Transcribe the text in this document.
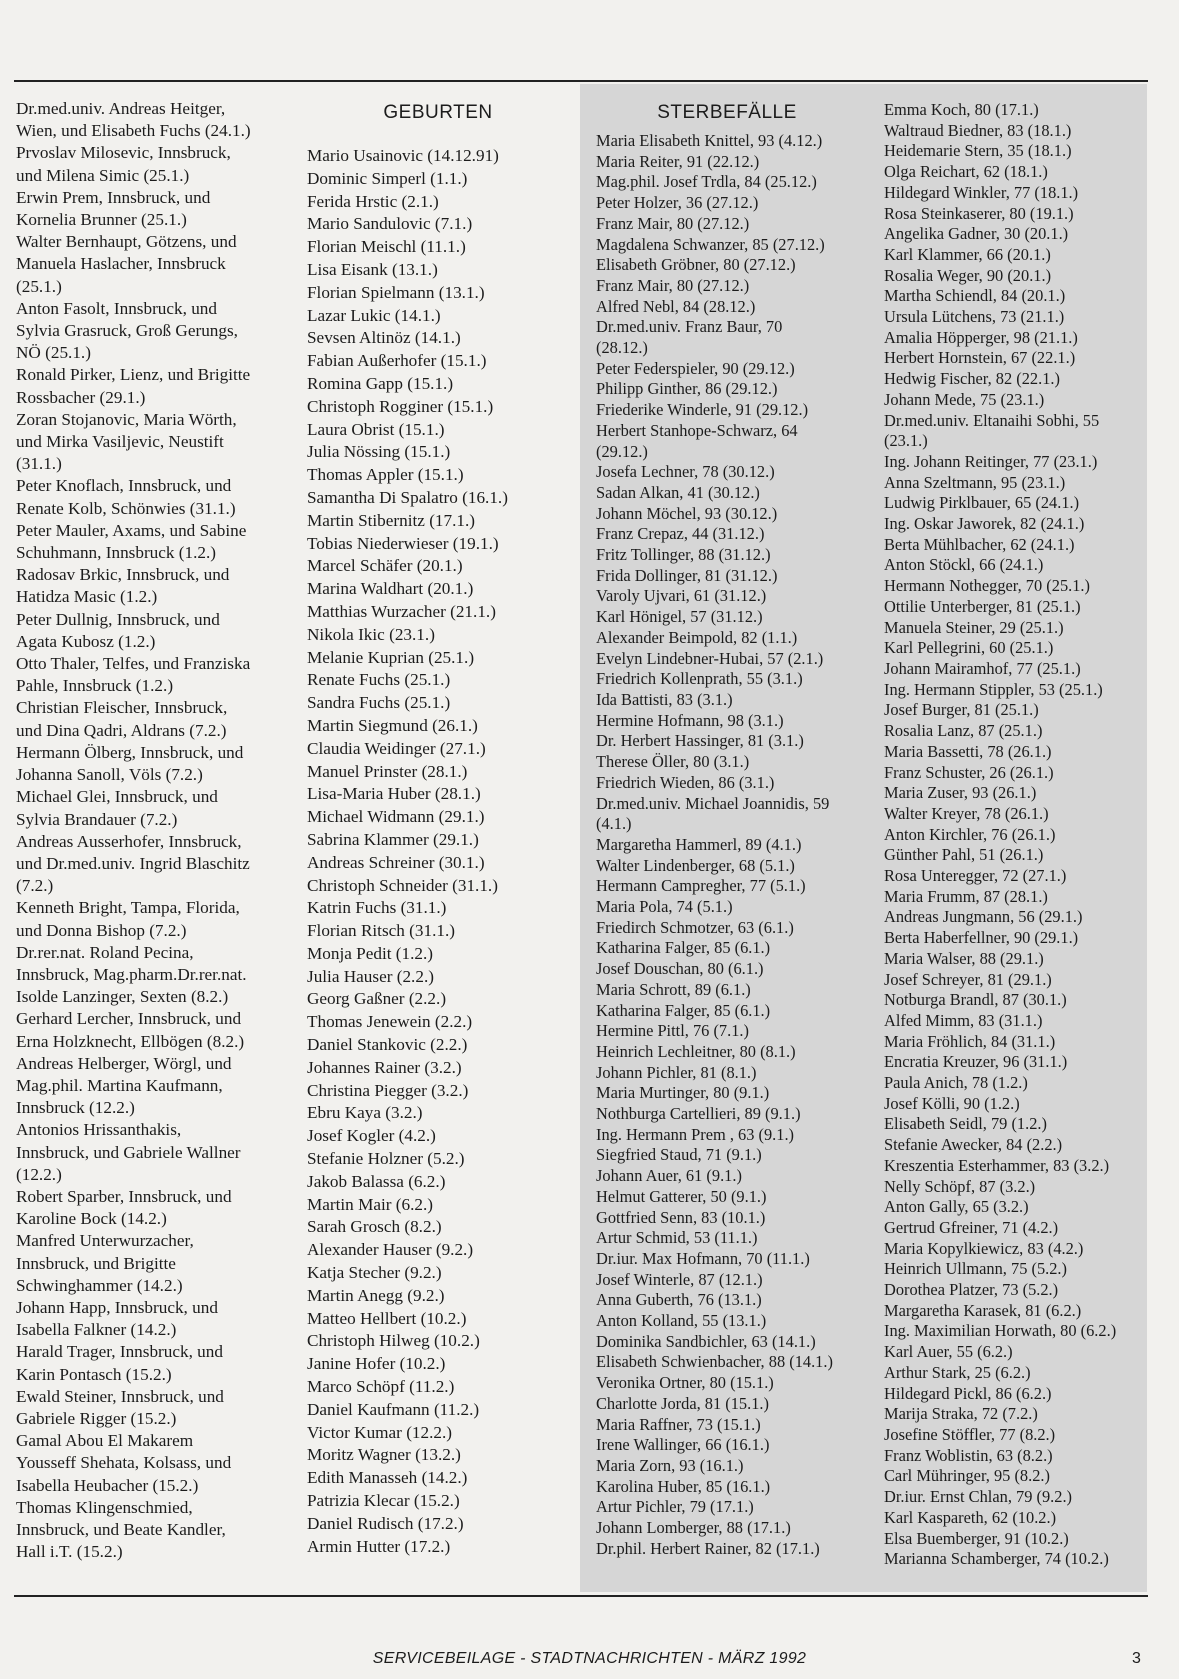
Dr.med.univ. Andreas Heitger,
Wien, und Elisabeth Fuchs (24.1.)
Prvoslav Milosevic, Innsbruck,
und Milena Simic (25.1.)
Erwin Prem, Innsbruck, und
Kornelia Brunner (25.1.)
Walter Bernhaupt, Götzens, und
Manuela Haslacher, Innsbruck
(25.1.)
Anton Fasolt, Innsbruck, und
Sylvia Grasruck, Groß Gerungs,
NÖ (25.1.)
Ronald Pirker, Lienz, und Brigitte
Rossbacher (29.1.)
Zoran Stojanovic, Maria Wörth,
und Mirka Vasiljevic, Neustift
(31.1.)
Peter Knoflach, Innsbruck, und
Renate Kolb, Schönwies (31.1.)
Peter Mauler, Axams, und Sabine
Schuhmann, Innsbruck (1.2.)
Radosav Brkic, Innsbruck, und
Hatidza Masic (1.2.)
Peter Dullnig, Innsbruck, und
Agata Kubosz (1.2.)
Otto Thaler, Telfes, und Franziska
Pahle, Innsbruck (1.2.)
Christian Fleischer, Innsbruck,
und Dina Qadri, Aldrans (7.2.)
Hermann Ölberg, Innsbruck, und
Johanna Sanoll, Völs (7.2.)
Michael Glei, Innsbruck, und
Sylvia Brandauer (7.2.)
Andreas Ausserhofer, Innsbruck,
und Dr.med.univ. Ingrid Blaschitz
(7.2.)
Kenneth Bright, Tampa, Florida,
und Donna Bishop (7.2.)
Dr.rer.nat. Roland Pecina,
Innsbruck, Mag.pharm.Dr.rer.nat.
Isolde Lanzinger, Sexten (8.2.)
Gerhard Lercher, Innsbruck, und
Erna Holzknecht, Ellbögen (8.2.)
Andreas Helberger, Wörgl, und
Mag.phil. Martina Kaufmann,
Innsbruck (12.2.)
Antonios Hrissanthakis,
Innsbruck, und Gabriele Wallner
(12.2.)
Robert Sparber, Innsbruck, und
Karoline Bock (14.2.)
Manfred Unterwurzacher,
Innsbruck, und Brigitte
Schwinghammer (14.2.)
Johann Happ, Innsbruck, und
Isabella Falkner (14.2.)
Harald Trager, Innsbruck, und
Karin Pontasch (15.2.)
Ewald Steiner, Innsbruck, und
Gabriele Rigger (15.2.)
Gamal Abou El Makarem
Yousseff Shehata, Kolsass, und
Isabella Heubacher (15.2.)
Thomas Klingenschmied,
Innsbruck, und Beate Kandler,
Hall i.T. (15.2.)
GEBURTEN
Mario Usainovic (14.12.91)
Dominic Simperl (1.1.)
Ferida Hrstic (2.1.)
Mario Sandulovic (7.1.)
Florian Meischl (11.1.)
Lisa Eisank (13.1.)
Florian Spielmann (13.1.)
Lazar Lukic (14.1.)
Sevsen Altinöz (14.1.)
Fabian Außerhofer (15.1.)
Romina Gapp (15.1.)
Christoph Rogginer (15.1.)
Laura Obrist (15.1.)
Julia Nössing (15.1.)
Thomas Appler (15.1.)
Samantha Di Spalatro (16.1.)
Martin Stibernitz (17.1.)
Tobias Niederwieser (19.1.)
Marcel Schäfer (20.1.)
Marina Waldhart (20.1.)
Matthias Wurzacher (21.1.)
Nikola Ikic (23.1.)
Melanie Kuprian (25.1.)
Renate Fuchs (25.1.)
Sandra Fuchs (25.1.)
Martin Siegmund (26.1.)
Claudia Weidinger (27.1.)
Manuel Prinster (28.1.)
Lisa-Maria Huber (28.1.)
Michael Widmann (29.1.)
Sabrina Klammer (29.1.)
Andreas Schreiner (30.1.)
Christoph Schneider (31.1.)
Katrin Fuchs (31.1.)
Florian Ritsch (31.1.)
Monja Pedit (1.2.)
Julia Hauser (2.2.)
Georg Gaßner (2.2.)
Thomas Jenewein (2.2.)
Daniel Stankovic (2.2.)
Johannes Rainer (3.2.)
Christina Piegger (3.2.)
Ebru Kaya (3.2.)
Josef Kogler (4.2.)
Stefanie Holzner (5.2.)
Jakob Balassa (6.2.)
Martin Mair (6.2.)
Sarah Grosch (8.2.)
Alexander Hauser (9.2.)
Katja Stecher (9.2.)
Martin Anegg (9.2.)
Matteo Hellbert (10.2.)
Christoph Hilweg (10.2.)
Janine Hofer (10.2.)
Marco Schöpf (11.2.)
Daniel Kaufmann (11.2.)
Victor Kumar (12.2.)
Moritz Wagner (13.2.)
Edith Manasseh (14.2.)
Patrizia Klecar (15.2.)
Daniel Rudisch (17.2.)
Armin Hutter (17.2.)
STERBEFÄLLE
Maria Elisabeth Knittel, 93 (4.12.)
Maria Reiter, 91 (22.12.)
Mag.phil. Josef Trdla, 84 (25.12.)
Peter Holzer, 36 (27.12.)
Franz Mair, 80 (27.12.)
Magdalena Schwanzer, 85 (27.12.)
Elisabeth Gröbner, 80 (27.12.)
Franz Mair, 80 (27.12.)
Alfred Nebl, 84 (28.12.)
Dr.med.univ. Franz Baur, 70
(28.12.)
Peter Federspieler, 90 (29.12.)
Philipp Ginther, 86 (29.12.)
Friederike Winderle, 91 (29.12.)
Herbert Stanhope-Schwarz, 64
(29.12.)
Josefa Lechner, 78 (30.12.)
Sadan Alkan, 41 (30.12.)
Johann Möchel, 93 (30.12.)
Franz Crepaz, 44 (31.12.)
Fritz Tollinger, 88 (31.12.)
Frida Dollinger, 81 (31.12.)
Varoly Ujvari, 61 (31.12.)
Karl Hönigel, 57 (31.12.)
Alexander Beimpold, 82 (1.1.)
Evelyn Lindebner-Hubai, 57 (2.1.)
Friedrich Kollenprath, 55 (3.1.)
Ida Battisti, 83 (3.1.)
Hermine Hofmann, 98 (3.1.)
Dr. Herbert Hassinger, 81 (3.1.)
Therese Öller, 80 (3.1.)
Friedrich Wieden, 86 (3.1.)
Dr.med.univ. Michael Joannidis, 59
(4.1.)
Margaretha Hammerl, 89 (4.1.)
Walter Lindenberger, 68 (5.1.)
Hermann Campregher, 77 (5.1.)
Maria Pola, 74 (5.1.)
Friedirch Schmotzer, 63 (6.1.)
Katharina Falger, 85 (6.1.)
Josef Douschan, 80 (6.1.)
Maria Schrott, 89 (6.1.)
Katharina Falger, 85 (6.1.)
Hermine Pittl, 76 (7.1.)
Heinrich Lechleitner, 80 (8.1.)
Johann Pichler, 81 (8.1.)
Maria Murtinger, 80 (9.1.)
Nothburga Cartellieri, 89 (9.1.)
Ing. Hermann Prem , 63 (9.1.)
Siegfried Staud, 71 (9.1.)
Johann Auer, 61 (9.1.)
Helmut Gatterer, 50 (9.1.)
Gottfried Senn, 83 (10.1.)
Artur Schmid, 53 (11.1.)
Dr.iur. Max Hofmann, 70 (11.1.)
Josef Winterle, 87 (12.1.)
Anna Guberth, 76 (13.1.)
Anton Kolland, 55 (13.1.)
Dominika Sandbichler, 63 (14.1.)
Elisabeth Schwienbacher, 88 (14.1.)
Veronika Ortner, 80 (15.1.)
Charlotte Jorda, 81 (15.1.)
Maria Raffner, 73 (15.1.)
Irene Wallinger, 66 (16.1.)
Maria Zorn, 93 (16.1.)
Karolina Huber, 85 (16.1.)
Artur Pichler, 79 (17.1.)
Johann Lomberger, 88 (17.1.)
Dr.phil. Herbert Rainer, 82 (17.1.)
Emma Koch, 80 (17.1.)
Waltraud Biedner, 83 (18.1.)
Heidemarie Stern, 35 (18.1.)
Olga Reichart, 62 (18.1.)
Hildegard Winkler, 77 (18.1.)
Rosa Steinkaserer, 80 (19.1.)
Angelika Gadner, 30 (20.1.)
Karl Klammer, 66 (20.1.)
Rosalia Weger, 90 (20.1.)
Martha Schiendl, 84 (20.1.)
Ursula Lütchens, 73 (21.1.)
Amalia Höpperger, 98 (21.1.)
Herbert Hornstein, 67 (22.1.)
Hedwig Fischer, 82 (22.1.)
Johann Mede, 75 (23.1.)
Dr.med.univ. Eltanaihi Sobhi, 55
(23.1.)
Ing. Johann Reitinger, 77 (23.1.)
Anna Szeltmann, 95 (23.1.)
Ludwig Pirklbauer, 65 (24.1.)
Ing. Oskar Jaworek, 82 (24.1.)
Berta Mühlbacher, 62 (24.1.)
Anton Stöckl, 66 (24.1.)
Hermann Nothegger, 70 (25.1.)
Ottilie Unterberger, 81 (25.1.)
Manuela Steiner, 29 (25.1.)
Karl Pellegrini, 60 (25.1.)
Johann Mairamhof, 77 (25.1.)
Ing. Hermann Stippler, 53 (25.1.)
Josef Burger, 81 (25.1.)
Rosalia Lanz, 87 (25.1.)
Maria Bassetti, 78 (26.1.)
Franz Schuster, 26 (26.1.)
Maria Zuser, 93 (26.1.)
Walter Kreyer, 78 (26.1.)
Anton Kirchler, 76 (26.1.)
Günther Pahl, 51 (26.1.)
Rosa Unteregger, 72 (27.1.)
Maria Frumm, 87 (28.1.)
Andreas Jungmann, 56 (29.1.)
Berta Haberfellner, 90 (29.1.)
Maria Walser, 88 (29.1.)
Josef Schreyer, 81 (29.1.)
Notburga Brandl, 87 (30.1.)
Alfed Mimm, 83 (31.1.)
Maria Fröhlich, 84 (31.1.)
Encratia Kreuzer, 96 (31.1.)
Paula Anich, 78 (1.2.)
Josef Kölli, 90 (1.2.)
Elisabeth Seidl, 79 (1.2.)
Stefanie Awecker, 84 (2.2.)
Kreszentia Esterhammer, 83 (3.2.)
Nelly Schöpf, 87 (3.2.)
Anton Gally, 65 (3.2.)
Gertrud Gfreiner, 71 (4.2.)
Maria Kopylkiewicz, 83 (4.2.)
Heinrich Ullmann, 75 (5.2.)
Dorothea Platzer, 73 (5.2.)
Margaretha Karasek, 81 (6.2.)
Ing. Maximilian Horwath, 80 (6.2.)
Karl Auer, 55 (6.2.)
Arthur Stark, 25 (6.2.)
Hildegard Pickl, 86 (6.2.)
Marija Straka, 72 (7.2.)
Josefine Stöffler, 77 (8.2.)
Franz Woblistin, 63 (8.2.)
Carl Mühringer, 95 (8.2.)
Dr.iur. Ernst Chlan, 79 (9.2.)
Karl Kaspareth, 62 (10.2.)
Elsa Buemberger, 91 (10.2.)
Marianna Schamberger, 74 (10.2.)
SERVICEBEILAGE - STADTNACHRICHTEN - MÄRZ 1992	3
